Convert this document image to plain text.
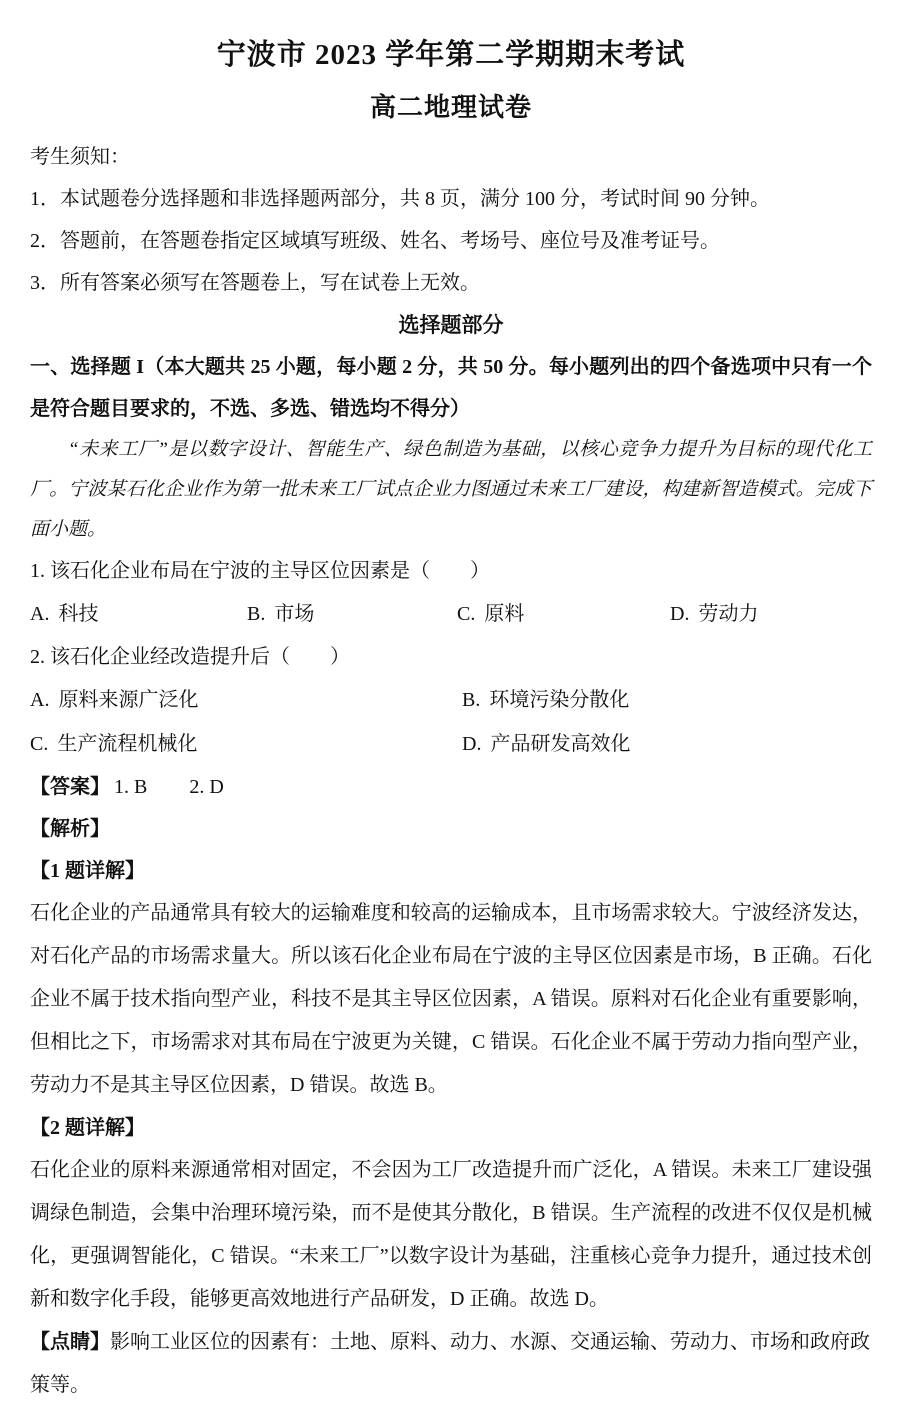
宁波市 2023 学年第二学期期末考试
高二地理试卷
考生须知：
1．本试题卷分选择题和非选择题两部分，共 8 页，满分 100 分，考试时间 90 分钟。
2．答题前，在答题卷指定区域填写班级、姓名、考场号、座位号及准考证号。
3．所有答案必须写在答题卷上，写在试卷上无效。
选择题部分
一、选择题 I（本大题共 25 小题，每小题 2 分，共 50 分。每小题列出的四个备选项中只有一个是符合题目要求的，不选、多选、错选均不得分）
“未来工厂”是以数字设计、智能生产、绿色制造为基础，以核心竞争力提升为目标的现代化工厂。宁波某石化企业作为第一批未来工厂试点企业力图通过未来工厂建设，构建新智造模式。完成下面小题。
1. 该石化企业布局在宁波的主导区位因素是（　　）
A. 科技	B. 市场	C. 原料	D. 劳动力
2. 该石化企业经改造提升后（　　）
A. 原料来源广泛化	B. 环境污染分散化
C. 生产流程机械化	D. 产品研发高效化
【答案】 1. B 2. D
【解析】
【1 题详解】
石化企业的产品通常具有较大的运输难度和较高的运输成本，且市场需求较大。宁波经济发达，对石化产品的市场需求量大。所以该石化企业布局在宁波的主导区位因素是市场，B 正确。石化企业不属于技术指向型产业，科技不是其主导区位因素，A 错误。原料对石化企业有重要影响，但相比之下，市场需求对其布局在宁波更为关键，C 错误。石化企业不属于劳动力指向型产业，劳动力不是其主导区位因素，D 错误。故选 B。
【2 题详解】
石化企业的原料来源通常相对固定，不会因为工厂改造提升而广泛化，A 错误。未来工厂建设强调绿色制造，会集中治理环境污染，而不是使其分散化，B 错误。生产流程的改进不仅仅是机械化，更强调智能化，C 错误。“未来工厂”以数字设计为基础，注重核心竞争力提升，通过技术创新和数字化手段，能够更高效地进行产品研发，D 正确。故选 D。
【点睛】影响工业区位的因素有：土地、原料、动力、水源、交通运输、劳动力、市场和政府政策等。
